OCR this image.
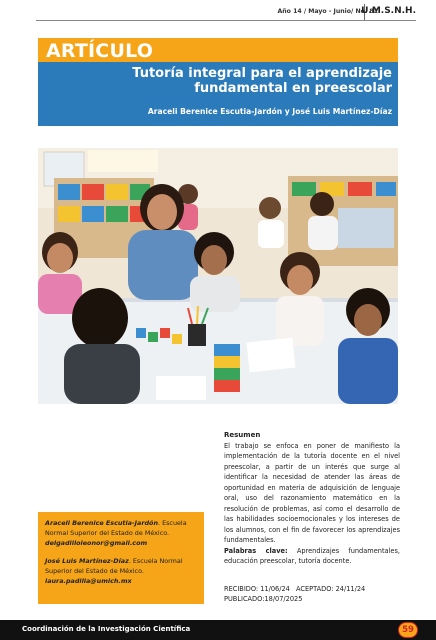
Año 14 / Mayo - Junio/ No. 81
U.M.S.N.H.
ARTÍCULO
Tutoría integral para el aprendizaje
fundamental en preescolar
Araceli Berenice Escutia-Jardón y José Luis Martínez-Díaz

Araceli Berenice Escutia-Jardón. Escuela Normal Superior del Estado de México.

delgadilloleonor@gmail.com

José Luis Martínez-Díaz. Escuela Normal Superior del Estado de México.

laura.padilla@umich.mx

Resumen
El trabajo se enfoca en poner de manifiesto la implementación de la tutoría docente en el nivel preescolar, a partir de un interés que surge al identificar la necesidad de atender las áreas de oportunidad en materia de adquisición de lenguaje oral, uso del razonamiento matemático en la resolución de problemas, así como el desarrollo de las habilidades socioemocionales y los intereses de los alumnos, con el fin de favorecer los aprendizajes fundamentales.
Palabras clave: Aprendizajes fundamentales, educación preescolar, tutoría docente.
RECIBIDO: 11/06/24 ACEPTADO: 24/11/24
PUBLICADO:18/07/2025
Coordinación de la Investigación Científica	59
